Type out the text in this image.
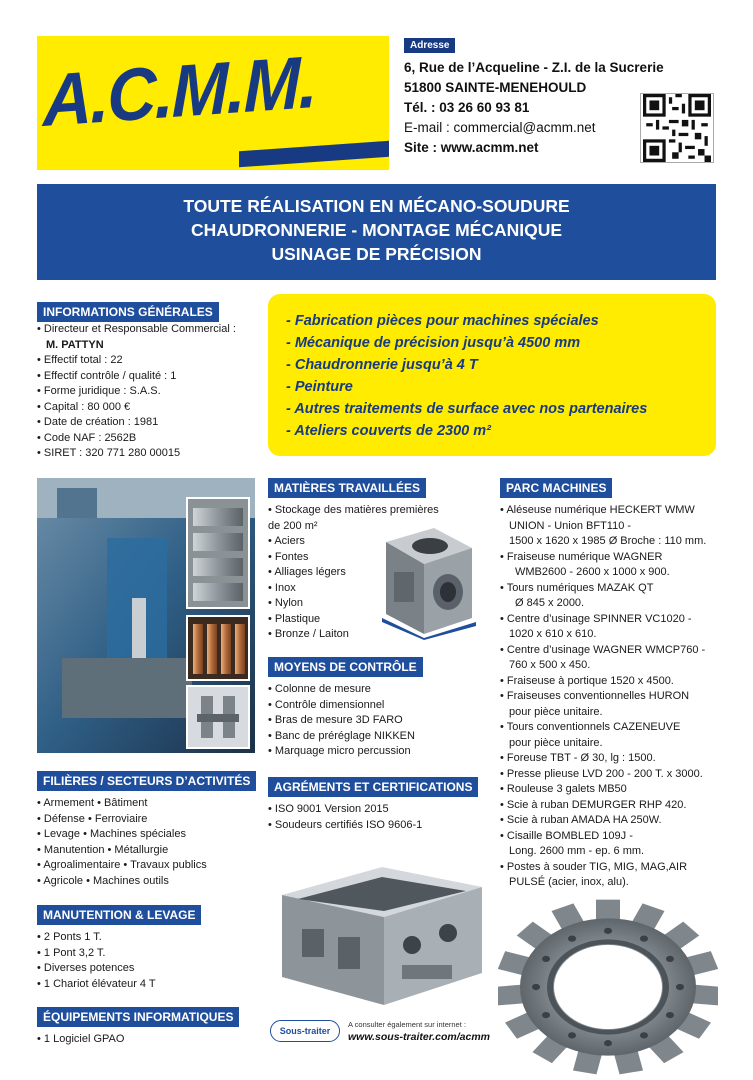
A.C.M.M.	Adresse
6, Rue de l’Acqueline - Z.I. de la Sucrerie
51800 SAINTE-MENEHOULD
Tél. : 03 26 60 93 81
E-mail : commercial@acmm.net
Site : www.acmm.net
TOUTE RÉALISATION EN MÉCANO-SOUDURE
CHAUDRONNERIE - MONTAGE MÉCANIQUE
USINAGE DE PRÉCISION
INFORMATIONS GÉNÉRALES
• Directeur et Responsable Commercial :
M. PATTYN
• Effectif total : 22
• Effectif contrôle / qualité : 1
• Forme juridique : S.A.S.
• Capital : 80 000 €
• Date de création : 1981
• Code NAF : 2562B
• SIRET : 320 771 280 00015
- Fabrication pièces pour machines spéciales
- Mécanique de précision jusqu’à 4500 mm
- Chaudronnerie jusqu’à 4 T
- Peinture
- Autres traitements de surface avec nos partenaires
- Ateliers couverts de 2300 m²
FILIÈRES / SECTEURS D’ACTIVITÉS
• Armement • Bâtiment
• Défense • Ferroviaire
• Levage • Machines spéciales
• Manutention • Métallurgie
• Agroalimentaire • Travaux publics
• Agricole • Machines outils
MANUTENTION & LEVAGE
• 2 Ponts 1 T.
• 1 Pont 3,2 T.
• Diverses potences
• 1 Chariot élévateur 4 T
ÉQUIPEMENTS INFORMATIQUES
• 1 Logiciel GPAO
MATIÈRES TRAVAILLÉES
• Stockage des matières premières
de 200 m²
• Aciers
• Fontes
• Alliages légers
• Inox
• Nylon
• Plastique
• Bronze / Laiton
MOYENS DE CONTRÔLE
• Colonne de mesure
• Contrôle dimensionnel
• Bras de mesure 3D FARO
• Banc de préréglage NIKKEN
• Marquage micro percussion
AGRÉMENTS ET CERTIFICATIONS
• ISO 9001 Version 2015
• Soudeurs certifiés ISO 9606-1
PARC MACHINES
• Aléseuse numérique HECKERT WMW
UNION - Union BFT110 -
1500 x 1620 x 1985 Ø Broche : 110 mm.
• Fraiseuse numérique WAGNER
WMB2600 - 2600 x 1000 x 900.
• Tours numériques MAZAK QT
Ø 845 x 2000.
• Centre d’usinage SPINNER VC1020 -
1020 x 610 x 610.
• Centre d’usinage WAGNER WMCP760 -
760 x 500 x 450.
• Fraiseuse à portique 1520 x 4500.
• Fraiseuses conventionnelles HURON
pour pièce unitaire.
• Tours conventionnels CAZENEUVE
pour pièce unitaire.
• Foreuse TBT - Ø 30, lg : 1500.
• Presse plieuse LVD 200 - 200 T. x 3000.
• Rouleuse 3 galets MB50
• Scie à ruban DEMURGER RHP 420.
• Scie à ruban AMADA HA 250W.
• Cisaille BOMBLED 109J -
Long. 2600 mm - ep. 6 mm.
• Postes à souder TIG, MIG, MAG,AIR
PULSÉ (acier, inox, alu).
Sous-traiter
A consulter également sur internet :
www.sous-traiter.com/acmm
